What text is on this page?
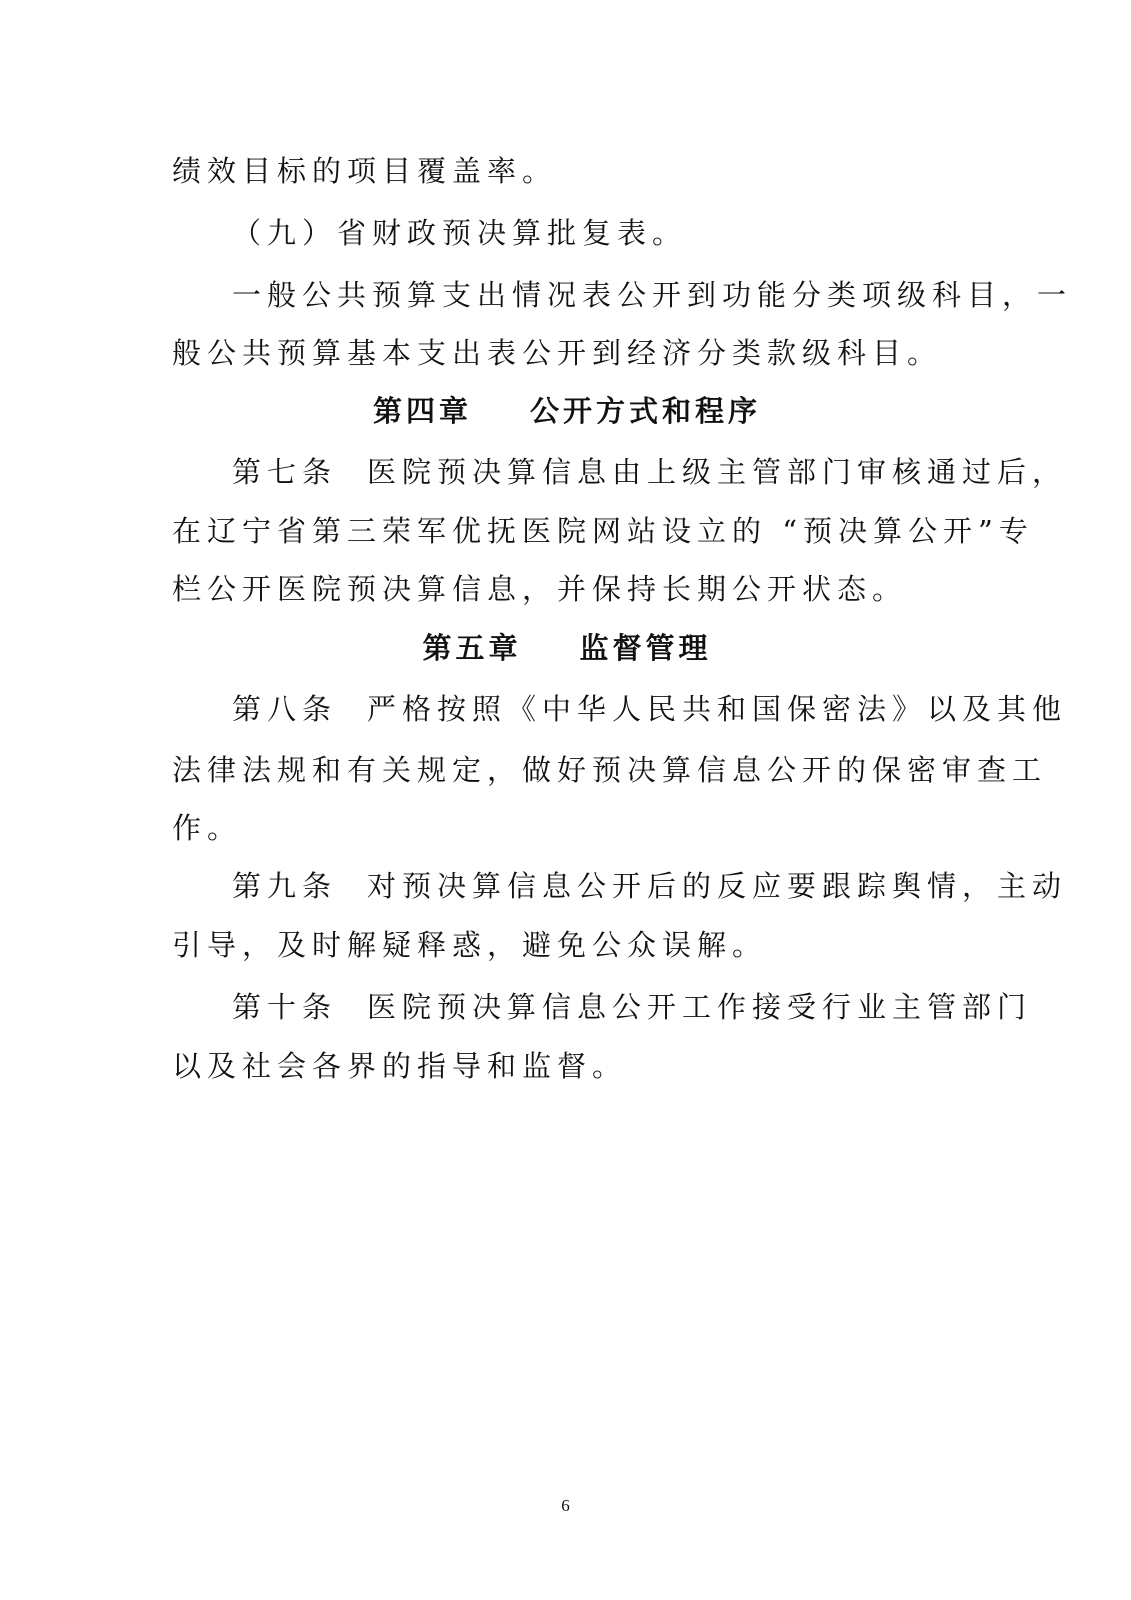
绩效目标的项目覆盖率。
（九）省财政预决算批复表。
一般公共预算支出情况表公开到功能分类项级科目，一
般公共预算基本支出表公开到经济分类款级科目。
第四章 公开方式和程序
第七条 医院预决算信息由上级主管部门审核通过后，
在辽宁省第三荣军优抚医院网站设立的 “预决算公开”专
栏公开医院预决算信息，并保持长期公开状态。
第五章 监督管理
第八条 严格按照《中华人民共和国保密法》以及其他
法律法规和有关规定，做好预决算信息公开的保密审查工
作。
第九条 对预决算信息公开后的反应要跟踪舆情，主动
引导，及时解疑释惑，避免公众误解。
第十条 医院预决算信息公开工作接受行业主管部门
以及社会各界的指导和监督。
6
